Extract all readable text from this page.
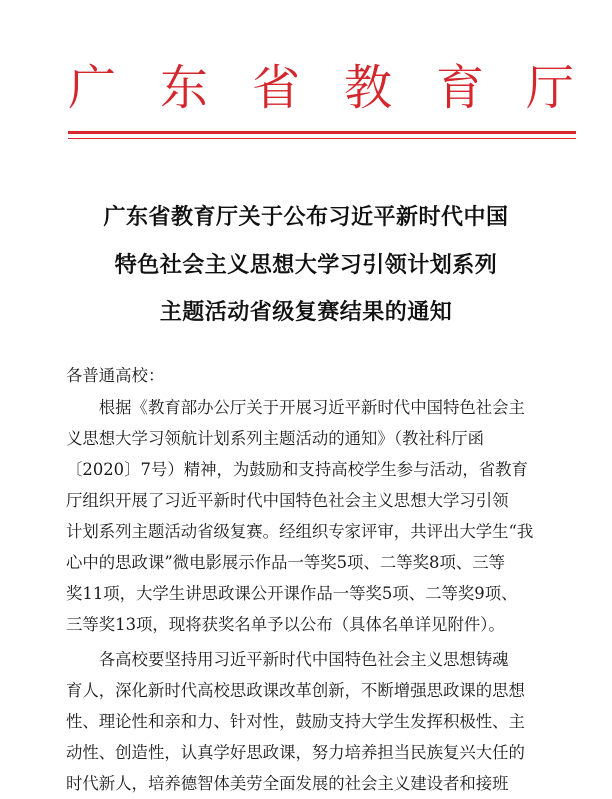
广 东 省 教 育 厅
广东省教育厅关于公布习近平新时代中国
特色社会主义思想大学习引领计划系列
主题活动省级复赛结果的通知
各普通高校：
　　根据《教育部办公厅关于开展习近平新时代中国特色社会主
义思想大学习领航计划系列主题活动的通知》（教社科厅函
〔2020〕7号）精神，为鼓励和支持高校学生参与活动，省教育
厅组织开展了习近平新时代中国特色社会主义思想大学习引领
计划系列主题活动省级复赛。经组织专家评审，共评出大学生“我
心中的思政课”微电影展示作品一等奖5项、二等奖8项、三等
奖11项，大学生讲思政课公开课作品一等奖5项、二等奖9项、
三等奖13项，现将获奖名单予以公布（具体名单详见附件）。
　　各高校要坚持用习近平新时代中国特色社会主义思想铸魂
育人，深化新时代高校思政课改革创新，不断增强思政课的思想
性、理论性和亲和力、针对性，鼓励支持大学生发挥积极性、主
动性、创造性，认真学好思政课，努力培养担当民族复兴大任的
时代新人，培养德智体美劳全面发展的社会主义建设者和接班
